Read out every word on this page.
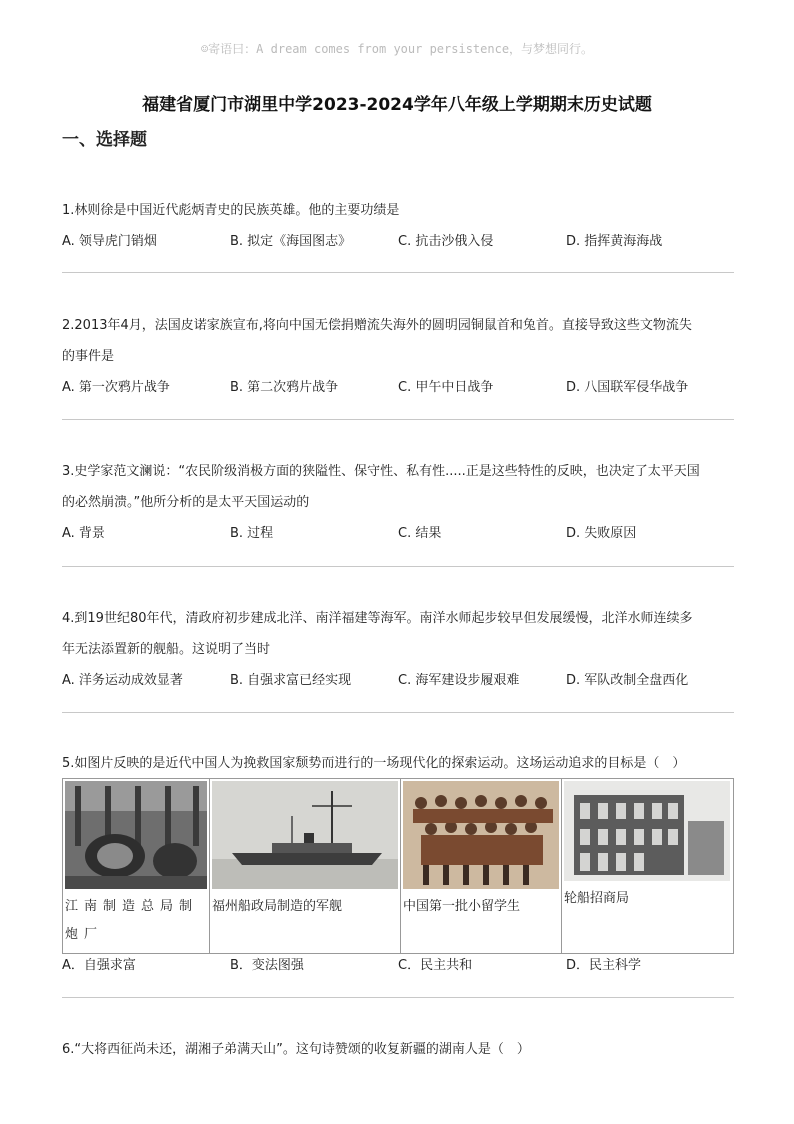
☺寄语曰：A dream comes from your persistence，与梦想同行。
福建省厦门市湖里中学2023-2024学年八年级上学期期末历史试题
一、选择题

1.林则徐是中国近代彪炳青史的民族英雄。他的主要功绩是

A. 领导虎门销烟	B. 拟定《海国图志》	C. 抗击沙俄入侵	D. 指挥黄海海战

2.2013年4月，法国皮诺家族宣布,将向中国无偿捐赠流失海外的圆明园铜鼠首和兔首。直接导致这些文物流失

的事件是

A. 第一次鸦片战争	B. 第二次鸦片战争	C. 甲午中日战争	D. 八国联军侵华战争

3.史学家范文澜说：“农民阶级消极方面的狭隘性、保守性、私有性.....正是这些特性的反映，也决定了太平天国

的必然崩溃。”他所分析的是太平天国运动的

A. 背景	B. 过程	C. 结果	D. 失败原因

4.到19世纪80年代，清政府初步建成北洋、南洋福建等海军。南洋水师起步较早但发展缓慢，北洋水师连续多

年无法添置新的舰船。这说明了当时

A. 洋务运动成效显著	B. 自强求富已经实现	C. 海军建设步履艰难	D. 军队改制全盘西化

5.如图片反映的是近代中国人为挽救国家颓势而进行的一场现代化的探索运动。这场运动追求的目标是（　）

江南制造总局制炮厂

福州船政局制造的军舰	中国第一批小留学生

轮船招商局
A．自强求富	B．变法图强	C．民主共和	D．民主科学

6.“大将西征尚未还，湖湘子弟满天山”。这句诗赞颂的收复新疆的湖南人是（　）
